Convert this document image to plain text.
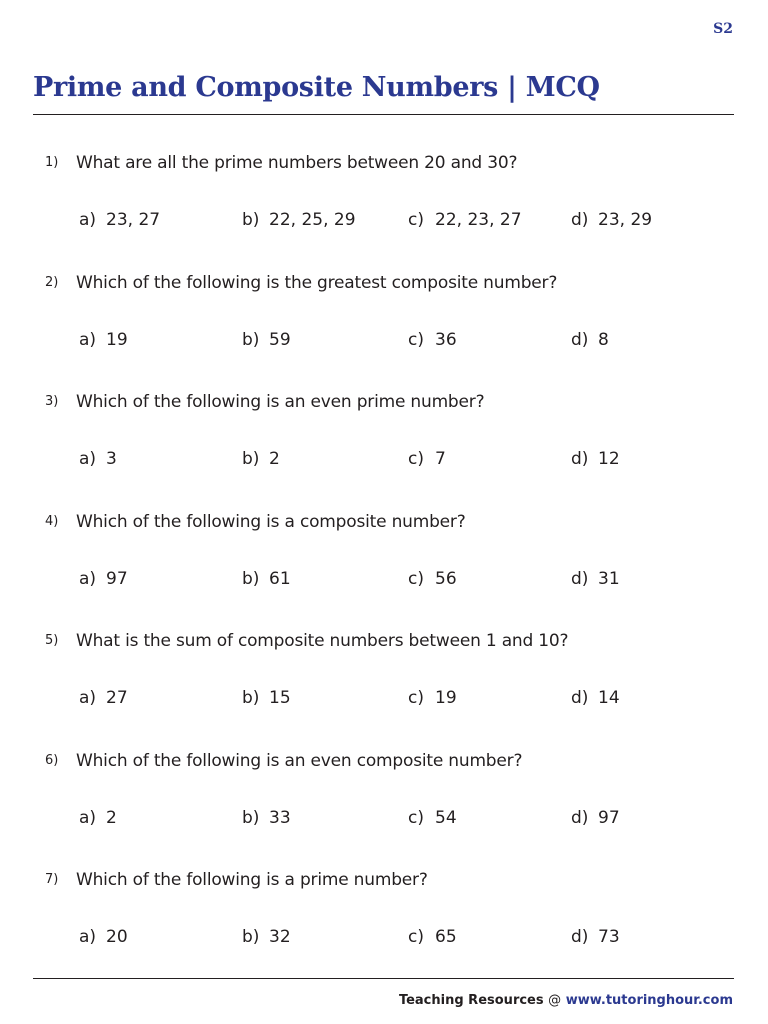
S2
Prime and Composite Numbers | MCQ
1) What are all the prime numbers between 20 and 30?
a) 23, 27	b) 22, 25, 29	c) 22, 23, 27	d) 23, 29
2) Which of the following is the greatest composite number?
a) 19	b) 59	c) 36	d) 8
3) Which of the following is an even prime number?
a) 3	b) 2	c) 7	d) 12
4) Which of the following is a composite number?
a) 97	b) 61	c) 56	d) 31
5) What is the sum of composite numbers between 1 and 10?
a) 27	b) 15	c) 19	d) 14
6) Which of the following is an even composite number?
a) 2	b) 33	c) 54	d) 97
7) Which of the following is a prime number?
a) 20	b) 32	c) 65	d) 73
Teaching Resources @ www.tutoringhour.com
